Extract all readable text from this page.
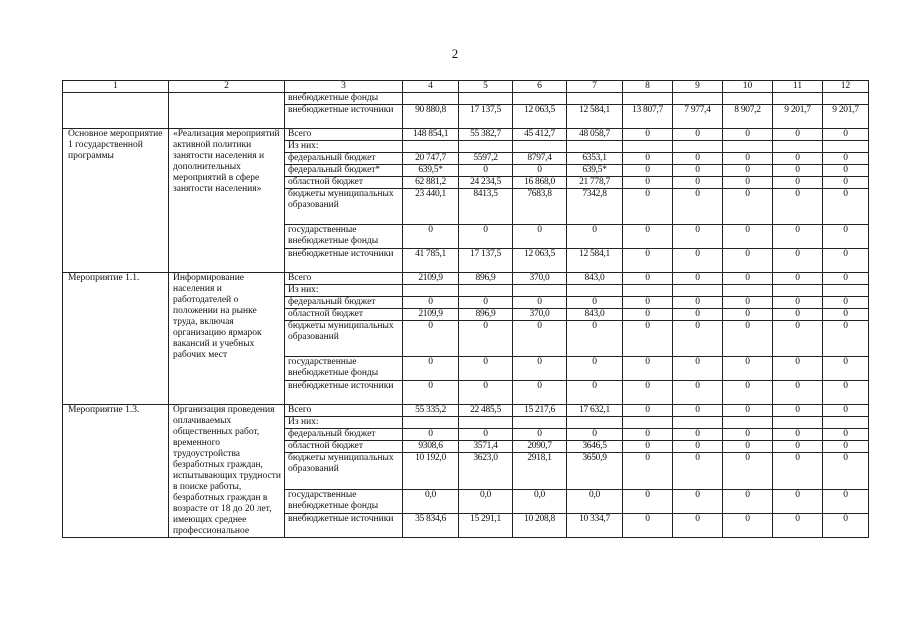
2
1	2	3	4	5	6	7	8	9	10	11	12
		внебюджетные фонды									
		внебюджетные источники	90 880,8	17 137,5	12 063,5	12 584,1	13 807,7	7 977,4	8 907,2	9 201,7	9 201,7
Основное мероприятие 1 государственной программы	«Реализация мероприятий активной политики занятости населения и дополнительных мероприятий в сфере занятости населения»	Всего	148 854,1	55 382,7	45 412,7	48 058,7	0	0	0	0	0
		Из них:									
		федеральный бюджет	20 747,7	5597,2	8797,4	6353,1	0	0	0	0	0
		федеральный бюджет*	639,5*	0	0	639,5*	0	0	0	0	0
		областной бюджет	62 881,2	24 234,5	16 868,0	21 778,7	0	0	0	0	0
		бюджеты муниципальных образований	23 440,1	8413,5	7683,8	7342,8	0	0	0	0	0
		государственные внебюджетные фонды	0	0	0	0	0	0	0	0	0
		внебюджетные источники	41 785,1	17 137,5	12 063,5	12 584,1	0	0	0	0	0
Мероприятие 1.1.	Информирование населения и работодателей о положении на рынке труда, включая организацию ярмарок вакансий и учебных рабочих мест	Всего	2109,9	896,9	370,0	843,0	0	0	0	0	0
		Из них:									
		федеральный бюджет	0	0	0	0	0	0	0	0	0
		областной бюджет	2109,9	896,9	370,0	843,0	0	0	0	0	0
		бюджеты муниципальных образований	0	0	0	0	0	0	0	0	0
		государственные внебюджетные фонды	0	0	0	0	0	0	0	0	0
		внебюджетные источники	0	0	0	0	0	0	0	0	0
Мероприятие 1.3.	Организация проведения оплачиваемых общественных работ, временного трудоустройства безработных граждан, испытывающих трудности в поиске работы, безработных граждан в возрасте от 18 до 20 лет, имеющих среднее профессиональное	Всего	55 335,2	22 485,5	15 217,6	17 632,1	0	0	0	0	0
		Из них:									
		федеральный бюджет	0	0	0	0	0	0	0	0	0
		областной бюджет	9308,6	3571,4	2090,7	3646,5	0	0	0	0	0
		бюджеты муниципальных образований	10 192,0	3623,0	2918,1	3650,9	0	0	0	0	0
		государственные внебюджетные фонды	0,0	0,0	0,0	0,0	0	0	0	0	0
		внебюджетные источники	35 834,6	15 291,1	10 208,8	10 334,7	0	0	0	0	0
